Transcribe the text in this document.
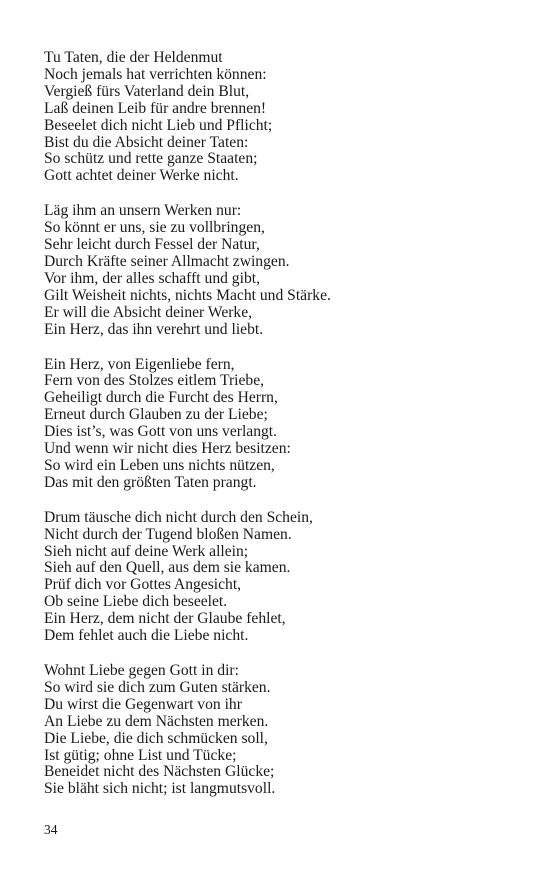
Tu Taten, die der Heldenmut
Noch jemals hat verrichten können:
Vergieß fürs Vaterland dein Blut,
Laß deinen Leib für andre brennen!
Beseelet dich nicht Lieb und Pflicht;
Bist du die Absicht deiner Taten:
So schütz und rette ganze Staaten;
Gott achtet deiner Werke nicht.
Läg ihm an unsern Werken nur:
So könnt er uns, sie zu vollbringen,
Sehr leicht durch Fessel der Natur,
Durch Kräfte seiner Allmacht zwingen.
Vor ihm, der alles schafft und gibt,
Gilt Weisheit nichts, nichts Macht und Stärke.
Er will die Absicht deiner Werke,
Ein Herz, das ihn verehrt und liebt.
Ein Herz, von Eigenliebe fern,
Fern von des Stolzes eitlem Triebe,
Geheiligt durch die Furcht des Herrn,
Erneut durch Glauben zu der Liebe;
Dies ist’s, was Gott von uns verlangt.
Und wenn wir nicht dies Herz besitzen:
So wird ein Leben uns nichts nützen,
Das mit den größten Taten prangt.
Drum täusche dich nicht durch den Schein,
Nicht durch der Tugend bloßen Namen.
Sieh nicht auf deine Werk allein;
Sieh auf den Quell, aus dem sie kamen.
Prüf dich vor Gottes Angesicht,
Ob seine Liebe dich beseelet.
Ein Herz, dem nicht der Glaube fehlet,
Dem fehlet auch die Liebe nicht.
Wohnt Liebe gegen Gott in dir:
So wird sie dich zum Guten stärken.
Du wirst die Gegenwart von ihr
An Liebe zu dem Nächsten merken.
Die Liebe, die dich schmücken soll,
Ist gütig; ohne List und Tücke;
Beneidet nicht des Nächsten Glücke;
Sie bläht sich nicht; ist langmutsvoll.
34
